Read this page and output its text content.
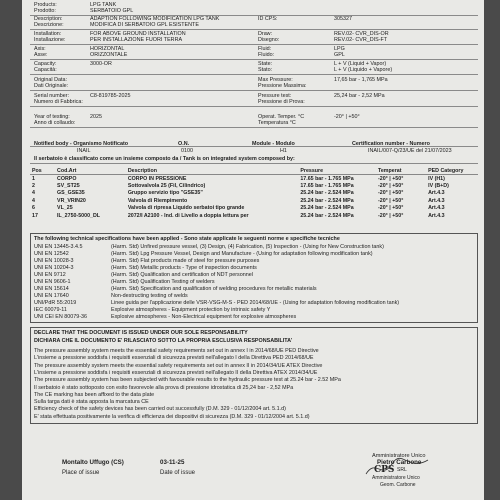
Products:
Prodotto:
LPG TANK
SERBATOIO GPL
Description:
Descrizione:
ADAPTION FOLLOWING MODIFICATION LPG TANK
MODIFICA DI SERBATOIO GPL ESISTENTE
ID CPS:	305327
Installation:
Installazione:
FOR ABOVE GROUND INSTALLATION
PER INSTALLAZIONE FUORI TERRA
Draw:
Disegno:
REV.02- CVR_DIS-OR
REV.02- CVR_DIS-FT
Axis:
Asse:
HORIZONTAL
ORIZZONTALE
Fluid:
Fluido:
LPG
GPL
Capacity:
Capacità:
3000-OR	State:
Stato:
L + V (Liquid + Vapor)
L + V (Liquido + Vapore)
Original Data:
Dati Originale:
Max Pressure:
Pressione Massima:
17,65 bar - 1,765 MPa
Serial number:
Numero di Fabbrica:
C8-819785-2025	Pressure test:
Pressione di Prova:
25,24 bar - 2,52 MPa
Year of testing:
Anno di collaudo:
2025	Operat. Temper. °C
Temperatura °C
-20° | +50°
Notified body - Organismo Notificato	O.N.	Module - Modulo	Certification number - Numero
INAIL	0100	H1	INAIL/007-Q/23/UE del 21/07/2023
Il serbatoio è classificato come un insieme composto da / Tank is on integrated system composed by:
Pos	Cod.Art	Description	Pressure	Temperat	PED Category
1	CORPO	CORPO IN PRESSIONE	17.65 bar - 1.765 MPa	-20° | +50°	IV (H1)
2	SV_ST25	Sottovalvola 25 (Fil, Cilindrico)	17.65 bar - 1.765 MPa	-20° | +50°	IV (B+D)
4	GS_GSE35	Gruppo servizio tipo "GSE35"	25.24 bar - 2.524 MPa	-20° | +50°	Art.4.3
4	VR_VRIN20	Valvola di Riempimento	25.24 bar - 2.524 MPa	-20° | +50°	Art.4.3
6	VL_25	Valvola di ripresa Liquido serbatoi tipo grande	25.24 bar - 2.524 MPa	-20° | +50°	Art.4.3
17	IL_2750-5000_DL	2072/I A2100 - Ind. di Livello a doppia lettura per	25.24 bar - 2.524 MPa	-20° | +50°	Art.4.3
The following technical specifications have been applied - Sono state applicate le seguenti norme e specifiche tecniche
UNI EN 13445-3.4.5	(Harm. Std) Unfired pressure vessel, (3) Design, (4) Fabrication, (5) Inspection - (Using for New Construction tank)
UNI EN 12542	(Harm. Std) Lpg Pressure Vessel, Design and Manufacture - (Using for adaptation following modification tank)
UNI EN 10028-3	(Harm. Std) Flat products made of steel for pressure purposes
UNI EN 10204-3	(Harm. Std) Metallic products - Type of inspection documents
UNI EN 9712	(Harm. Std) Qualification and certification of NDT personnel
UNI EN 9606-1	(Harm. Std) Qualification Testing of welders
UNI EN 15614	(Harm. Std) Specification and qualification of welding procedures for metallic materials
UNI EN 17640	Non-destructing testing of welds
UNI/PdR 55:2019	Linee guida per l'applicazione delle VSR-VSG-M-S - PED 2014/68/UE - (Using for adaptation following modification tank)
IEC 60079-11	Explosive atmospheres - Equipment protection by intrinsic safety Y
UNI CEI EN 80079-36	Explosive atmospheres - Non-Electrical equipment for explosive atmospheres
DECLARE THAT THE DOCUMENT IS ISSUED UNDER OUR SOLE RESPONSABILITY
DICHIARA CHE IL DOCUMENTO E' RILASCIATO SOTTO LA PROPRIA ESCLUSIVA RESPONSABILITA'
The pressure assembly system meets the essential safety requirements set out in annex I in 2014/68/UE PED Directive
L'insieme a pressione soddisfa i requisiti essenziali di sicurezza previsti nell'allegato I della Direttiva PED 2014/68/UE
The pressure assembly system meets the essential safety requirements set out in annex II in 2014/34/UE ATEX Directive
L'insieme a pressione soddisfa i requisiti essenziali di sicurezza previsti nell'allegato II della Direttiva ATEX 2014/34/UE
The pressure assembly system has been subjected with favourable results to the hydraulic pressure test at 25.24 bar - 2.52 MPa
Il serbatoio è stato sottoposto con esito favorevole alla prova di pressione idrostatica di 25,24 bar - 2,52 MPa
The CE marking has been affixed to the data plate
Sulla targa dati è stata apposta la marcatura CE
Efficiency check of the safety devices has been carried out successfully (D.M. 329 - 01/12/2004 art. 5.1.d)
E' stata effettuata positivamente la verifica di efficienza dei dispositivi di sicurezza (D.M. 329 - 01/12/2004 art. 5.1.d)
Montalto Uffugo (CS)
Place of issue
03-11-25
Date of issue
Amministratore Unico
Pietro Carbone
CPS SRL
Amministratore Unico
Geom. Carbone
